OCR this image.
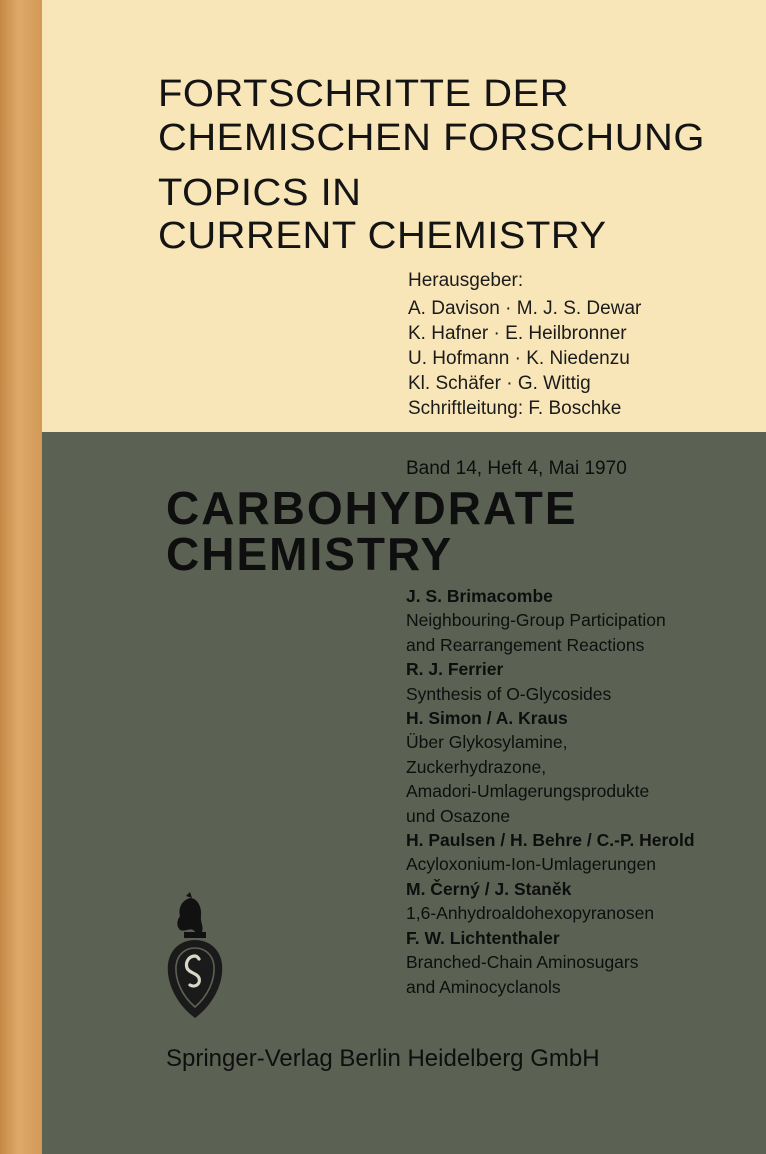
FORTSCHRITTE DER
CHEMISCHEN FORSCHUNG
TOPICS IN
CURRENT CHEMISTRY
Herausgeber:
A. Davison · M. J. S. Dewar
K. Hafner · E. Heilbronner
U. Hofmann · K. Niedenzu
Kl. Schäfer · G. Wittig
Schriftleitung: F. Boschke
Band 14, Heft 4, Mai 1970
CARBOHYDRATE
CHEMISTRY
J. S. Brimacombe
Neighbouring-Group Participation
and Rearrangement Reactions
R. J. Ferrier
Synthesis of O-Glycosides
H. Simon / A. Kraus
Über Glykosylamine,
Zuckerhydrazone,
Amadori-Umlagerungsprodukte
und Osazone
H. Paulsen / H. Behre / C.-P. Herold
Acyloxonium-Ion-Umlagerungen
M. Černý / J. Staněk
1,6-Anhydroaldohexopyranosen
F. W. Lichtenthaler
Branched-Chain Aminosugars
and Aminocyclanols
Springer-Verlag Berlin Heidelberg GmbH
